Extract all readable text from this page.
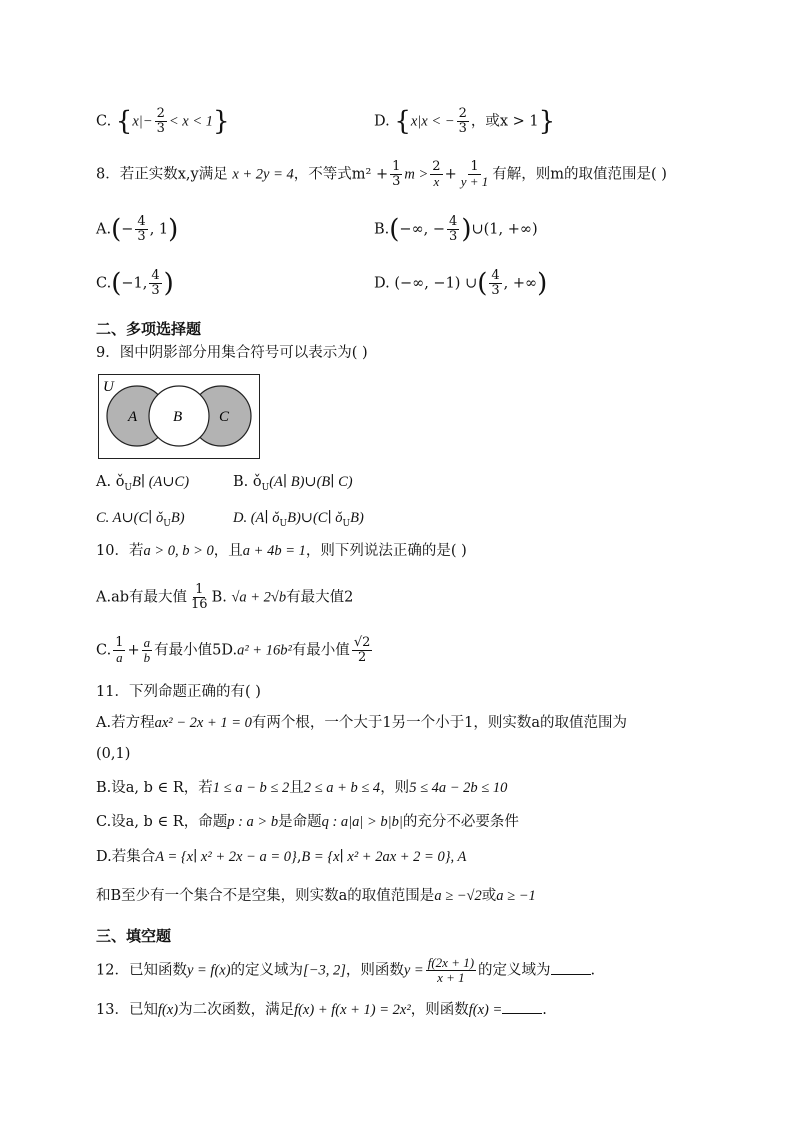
C. $\{x|- \frac{2}{3} < x < 1\}$	D. {x|x < − $\frac{2}{3}$ ，或x > 1}
8．若正实数x,y满足 x + 2y = 4，不等式$m^2 + \frac{1}{3}$ $m > \frac{2}{x} + \frac{1}{y + 1}$ 有解，则m的取值范围是( )
$A.(- \frac{4}{3}$ , 1)	B.(−∞, − $\frac{4}{3}$ )∪(1, +∞)
C.(−1, $\frac{4}{3}$ )	D. (−∞, −1) ∪( $\frac{4}{3}$ , +∞)
二、多项选择题
9．图中阴影部分用集合符号可以表示为( )
U
A B C
A. $ǒ_UB∣$ (A∪C)	B. $ǒ_U(A∣$ B)∪(B∣ C)
C. A∪(C∣ $ǒ_UB$)	D. (A∣ $ǒ_UB)\cup(C∣$ $ǒ_UB$)
10．若a > 0, b > 0，且a + 4b = 1，则下列说法正确的是( )
A.ab有最大值 $\frac{1}{16} B$. √a + 2√b有最大值2
C. $\frac{1}{a} + \frac{a}{b}$ 有最小值5D.a² + 16b²有最小值 $\frac{√2}{2}$
11．下列命题正确的有( )
A.若方程ax² − 2x + 1 = 0有两个根，一个大于1另一个小于1，则实数a的取值范围为
(0,1)
B.设a, b ∈ R，若1 ≤ a − b ≤ 2且2 ≤ a + b ≤ 4，则5 ≤ 4a − 2b ≤ 10
C.设a, b ∈ R，命题p : a > b是命题q : a|a| > b|b|的充分不必要条件
D.若集合A = {x∣ x² + 2x − a = 0},B = {x∣ x² + 2ax + 2 = 0}, A
和B至少有一个集合不是空集，则实数a的取值范围是a ≥ −√2或a ≥ −1
三、填空题
12．已知函数y = f(x)的定义域为[−3, 2]，则函数$y = \frac{f(2x + 1)}{x + 1}$ 的定义域为	.
13．已知f(x)为二次函数，满足f(x) + f(x + 1) = 2x²，则函数f(x) =	.
